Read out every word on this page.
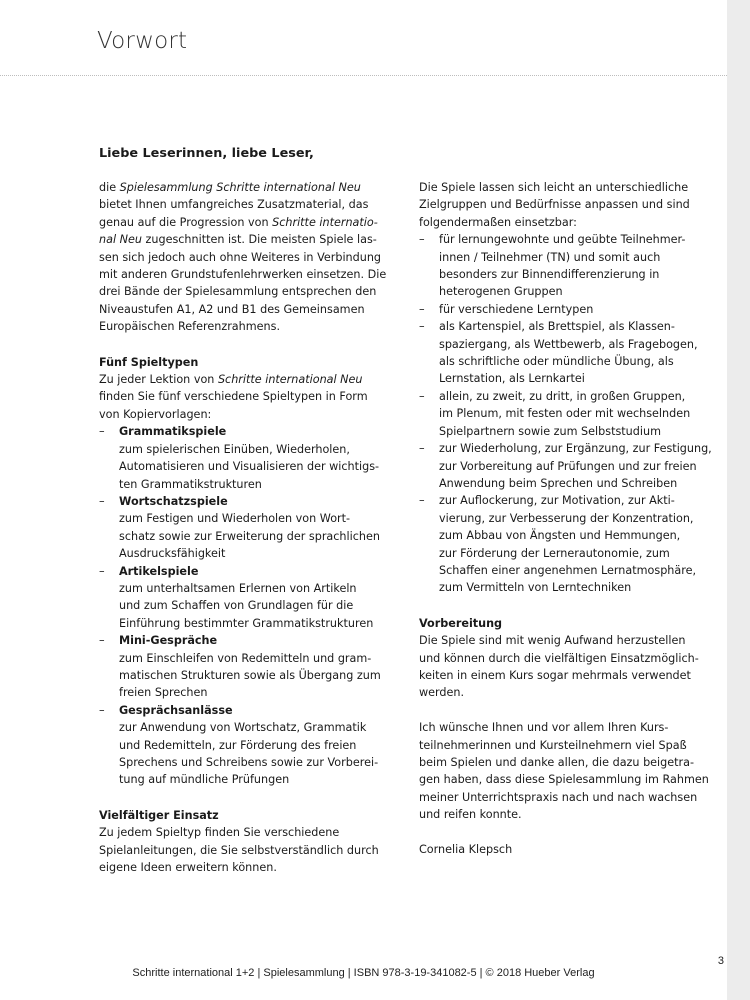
Vorwort
Liebe Leserinnen, liebe Leser,
die Spielesammlung Schritte international Neu
bietet Ihnen umfangreiches Zusatzmaterial, das
genau auf die Progression von Schritte internatio-
nal Neu zugeschnitten ist. Die meisten Spiele las-
sen sich jedoch auch ohne Weiteres in Verbindung
mit anderen Grundstufenlehrwerken einsetzen. Die
drei Bände der Spielesammlung entsprechen den
Niveaustufen A1, A2 und B1 des Gemeinsamen
Europäischen Referenzrahmens.
Fünf Spieltypen
Zu jeder Lektion von Schritte international Neu
finden Sie fünf verschiedene Spieltypen in Form
von Kopiervorlagen:
–	Grammatikspiele
zum spielerischen Einüben, Wiederholen,
Automatisieren und Visualisieren der wichtigs-
ten Grammatikstrukturen
–	Wortschatzspiele
zum Festigen und Wiederholen von Wort-
schatz sowie zur Erweiterung der sprachlichen
Ausdrucksfähigkeit
–	Artikelspiele
zum unterhaltsamen Erlernen von Artikeln
und zum Schaffen von Grundlagen für die
Einführung bestimmter Grammatikstrukturen
–	Mini-Gespräche
zum Einschleifen von Redemitteln und gram-
matischen Strukturen sowie als Übergang zum
freien Sprechen
–	Gesprächsanlässe
zur Anwendung von Wortschatz, Grammatik
und Redemitteln, zur Förderung des freien
Sprechens und Schreibens sowie zur Vorberei-
tung auf mündliche Prüfungen
Vielfältiger Einsatz
Zu jedem Spieltyp finden Sie verschiedene
Spielanleitungen, die Sie selbstverständlich durch
eigene Ideen erweitern können.
Die Spiele lassen sich leicht an unterschiedliche
Zielgruppen und Bedürfnisse anpassen und sind
folgendermaßen einsetzbar:
–	für lernungewohnte und geübte Teilnehmer-
innen / Teilnehmer (TN) und somit auch
besonders zur Binnendifferenzierung in
heterogenen Gruppen
–	für verschiedene Lerntypen
–	als Kartenspiel, als Brettspiel, als Klassen-
spaziergang, als Wettbewerb, als Fragebogen,
als schriftliche oder mündliche Übung, als
Lernstation, als Lernkartei
–	allein, zu zweit, zu dritt, in großen Gruppen,
im Plenum, mit festen oder mit wechselnden
Spielpartnern sowie zum Selbststudium
–	zur Wiederholung, zur Ergänzung, zur Festigung,
zur Vorbereitung auf Prüfungen und zur freien
Anwendung beim Sprechen und Schreiben
–	zur Auflockerung, zur Motivation, zur Akti-
vierung, zur Verbesserung der Konzentration,
zum Abbau von Ängsten und Hemmungen,
zur Förderung der Lernerautonomie, zum
Schaffen einer angenehmen Lernatmosphäre,
zum Vermitteln von Lerntechniken
Vorbereitung
Die Spiele sind mit wenig Aufwand herzustellen
und können durch die vielfältigen Einsatzmöglich-
keiten in einem Kurs sogar mehrmals verwendet
werden.
Ich wünsche Ihnen und vor allem Ihren Kurs-
teilnehmerinnen und Kursteilnehmern viel Spaß
beim Spielen und danke allen, die dazu beigetra-
gen haben, dass diese Spielesammlung im Rahmen
meiner Unterrichtspraxis nach und nach wachsen
und reifen konnte.
Cornelia Klepsch
Schritte international 1+2 | Spielesammlung | ISBN 978-3-19-341082-5 | © 2018 Hueber Verlag
3
